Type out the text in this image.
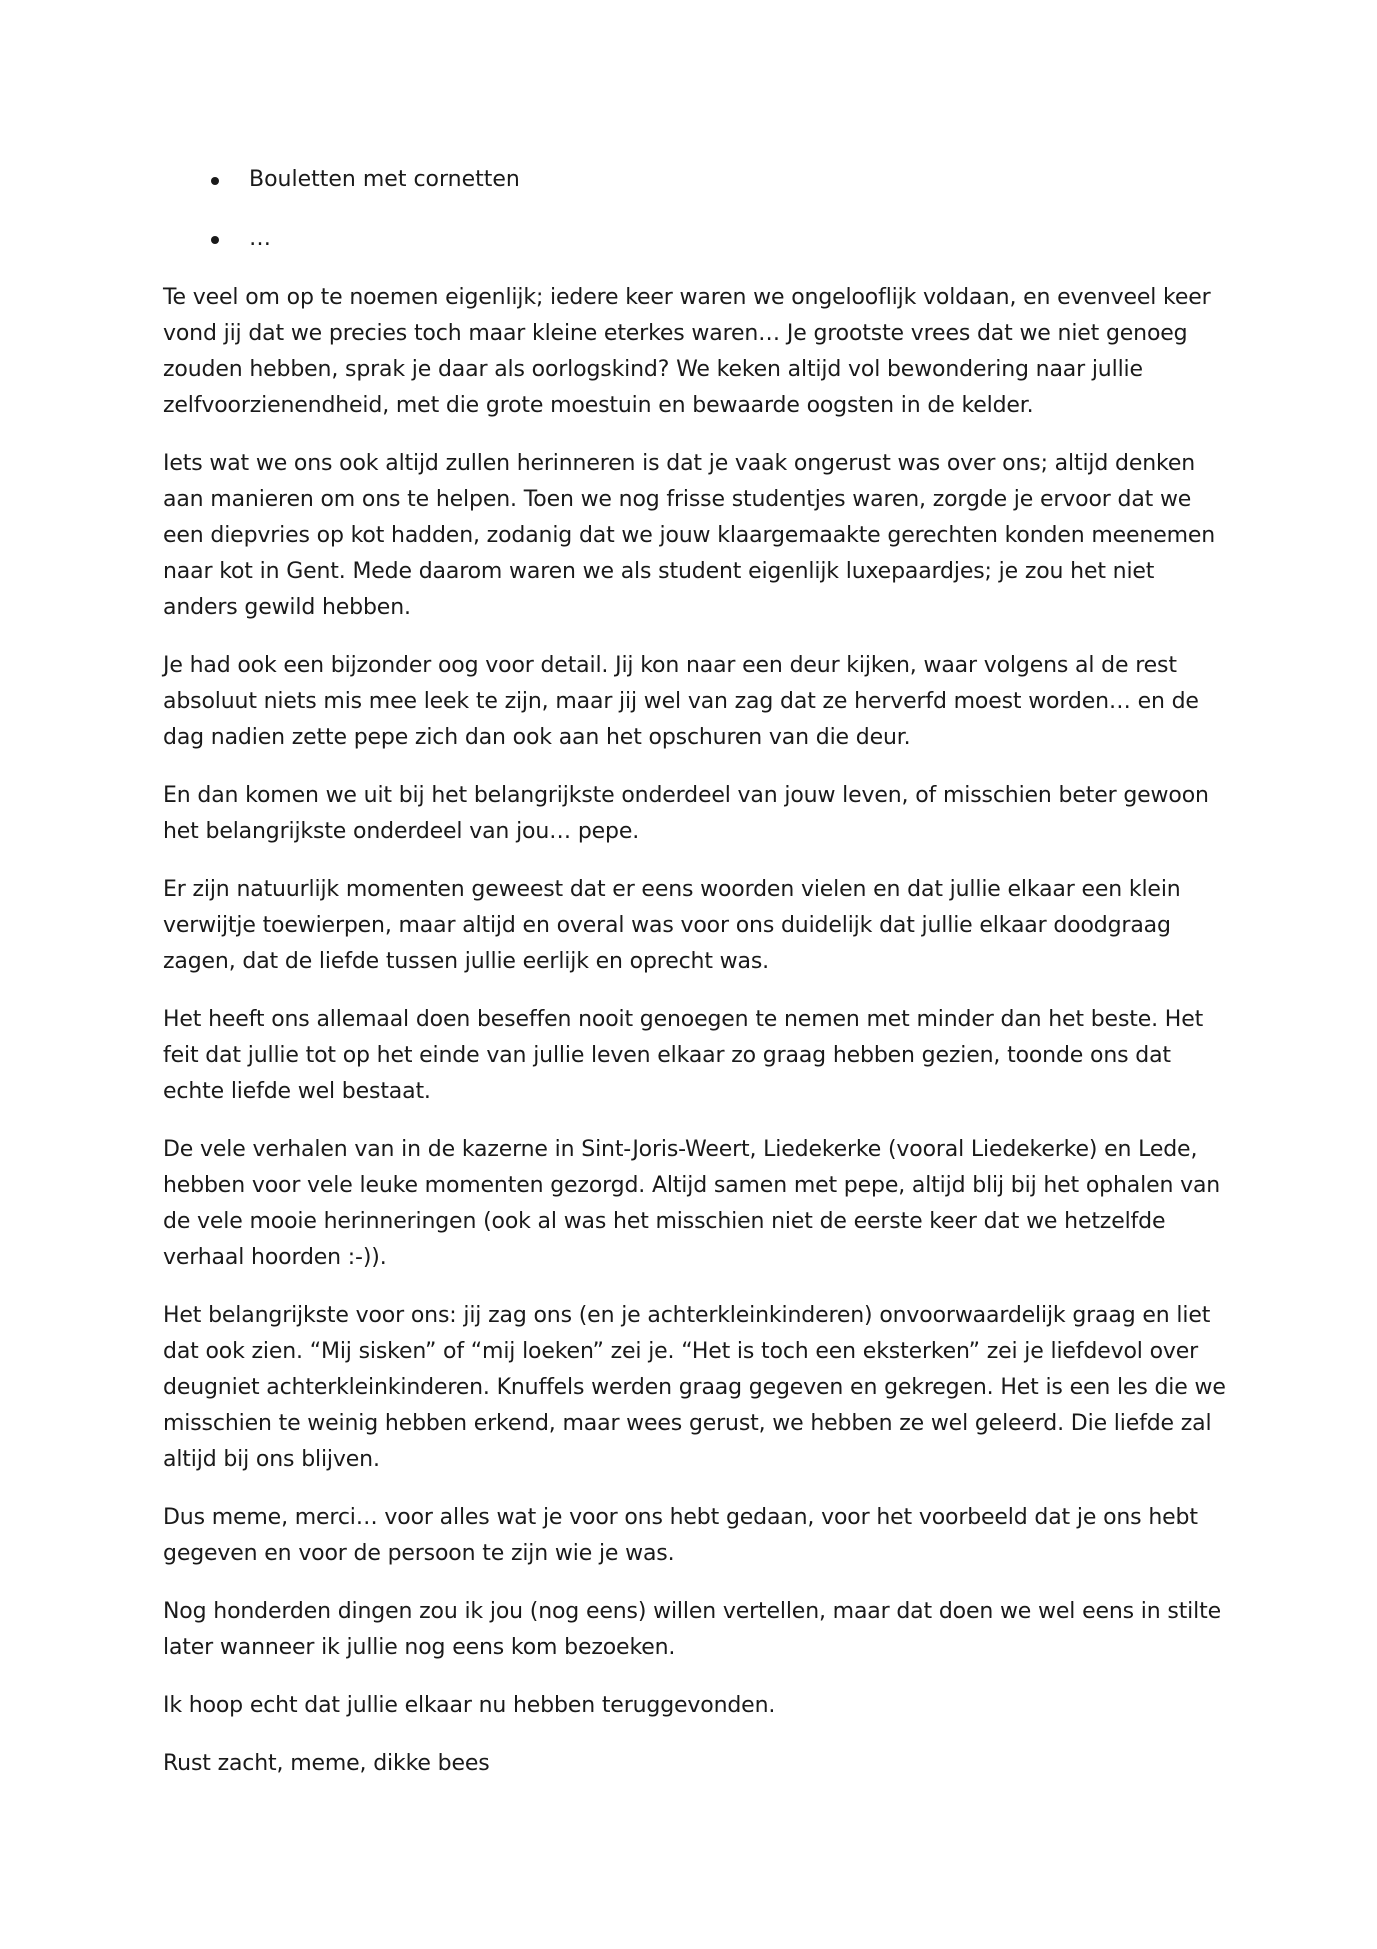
Bouletten met cornetten
…

Te veel om op te noemen eigenlijk; iedere keer waren we ongelooflijk voldaan, en evenveel keer vond jij dat we precies toch maar kleine eterkes waren… Je grootste vrees dat we niet genoeg zouden hebben, sprak je daar als oorlogskind? We keken altijd vol bewondering naar jullie zelfvoorzienendheid, met die grote moestuin en bewaarde oogsten in de kelder.

Iets wat we ons ook altijd zullen herinneren is dat je vaak ongerust was over ons; altijd denken aan manieren om ons te helpen. Toen we nog frisse studentjes waren, zorgde je ervoor dat we een diepvries op kot hadden, zodanig dat we jouw klaargemaakte gerechten konden meenemen naar kot in Gent. Mede daarom waren we als student eigenlijk luxepaardjes; je zou het niet anders gewild hebben.

Je had ook een bijzonder oog voor detail. Jij kon naar een deur kijken, waar volgens al de rest absoluut niets mis mee leek te zijn, maar jij wel van zag dat ze herverfd moest worden… en de dag nadien zette pepe zich dan ook aan het opschuren van die deur.

En dan komen we uit bij het belangrijkste onderdeel van jouw leven, of misschien beter gewoon het belangrijkste onderdeel van jou… pepe.

Er zijn natuurlijk momenten geweest dat er eens woorden vielen en dat jullie elkaar een klein verwijtje toewierpen, maar altijd en overal was voor ons duidelijk dat jullie elkaar doodgraag zagen, dat de liefde tussen jullie eerlijk en oprecht was.

Het heeft ons allemaal doen beseffen nooit genoegen te nemen met minder dan het beste. Het feit dat jullie tot op het einde van jullie leven elkaar zo graag hebben gezien, toonde ons dat echte liefde wel bestaat.

De vele verhalen van in de kazerne in Sint-Joris-Weert, Liedekerke (vooral Liedekerke) en Lede, hebben voor vele leuke momenten gezorgd. Altijd samen met pepe, altijd blij bij het ophalen van de vele mooie herinneringen (ook al was het misschien niet de eerste keer dat we hetzelfde verhaal hoorden :-)).

Het belangrijkste voor ons: jij zag ons (en je achterkleinkinderen) onvoorwaardelijk graag en liet dat ook zien. “Mij sisken” of “mij loeken” zei je. “Het is toch een eksterken” zei je liefdevol over deugniet achterkleinkinderen. Knuffels werden graag gegeven en gekregen. Het is een les die we misschien te weinig hebben erkend, maar wees gerust, we hebben ze wel geleerd. Die liefde zal altijd bij ons blijven.

Dus meme, merci… voor alles wat je voor ons hebt gedaan, voor het voorbeeld dat je ons hebt gegeven en voor de persoon te zijn wie je was.

Nog honderden dingen zou ik jou (nog eens) willen vertellen, maar dat doen we wel eens in stilte later wanneer ik jullie nog eens kom bezoeken.

Ik hoop echt dat jullie elkaar nu hebben teruggevonden.

Rust zacht, meme, dikke bees
